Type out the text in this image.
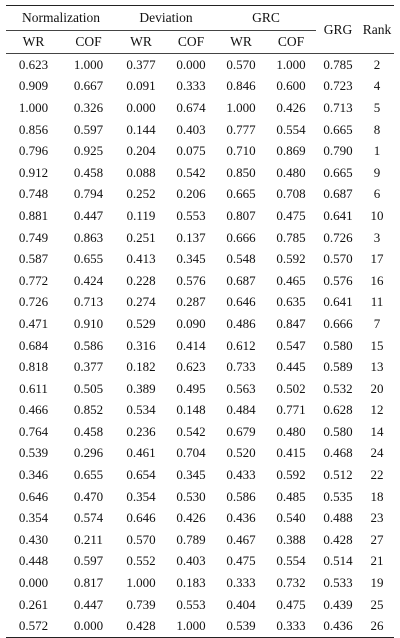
Normalization		Deviation		GRC		GRG	Rank
WR	COF	WR	COF	WR	COF		
0.623	1.000	0.377	0.000	0.570	1.000	0.785	2
0.909	0.667	0.091	0.333	0.846	0.600	0.723	4
1.000	0.326	0.000	0.674	1.000	0.426	0.713	5
0.856	0.597	0.144	0.403	0.777	0.554	0.665	8
0.796	0.925	0.204	0.075	0.710	0.869	0.790	1
0.912	0.458	0.088	0.542	0.850	0.480	0.665	9
0.748	0.794	0.252	0.206	0.665	0.708	0.687	6
0.881	0.447	0.119	0.553	0.807	0.475	0.641	10
0.749	0.863	0.251	0.137	0.666	0.785	0.726	3
0.587	0.655	0.413	0.345	0.548	0.592	0.570	17
0.772	0.424	0.228	0.576	0.687	0.465	0.576	16
0.726	0.713	0.274	0.287	0.646	0.635	0.641	11
0.471	0.910	0.529	0.090	0.486	0.847	0.666	7
0.684	0.586	0.316	0.414	0.612	0.547	0.580	15
0.818	0.377	0.182	0.623	0.733	0.445	0.589	13
0.611	0.505	0.389	0.495	0.563	0.502	0.532	20
0.466	0.852	0.534	0.148	0.484	0.771	0.628	12
0.764	0.458	0.236	0.542	0.679	0.480	0.580	14
0.539	0.296	0.461	0.704	0.520	0.415	0.468	24
0.346	0.655	0.654	0.345	0.433	0.592	0.512	22
0.646	0.470	0.354	0.530	0.586	0.485	0.535	18
0.354	0.574	0.646	0.426	0.436	0.540	0.488	23
0.430	0.211	0.570	0.789	0.467	0.388	0.428	27
0.448	0.597	0.552	0.403	0.475	0.554	0.514	21
0.000	0.817	1.000	0.183	0.333	0.732	0.533	19
0.261	0.447	0.739	0.553	0.404	0.475	0.439	25
0.572	0.000	0.428	1.000	0.539	0.333	0.436	26
